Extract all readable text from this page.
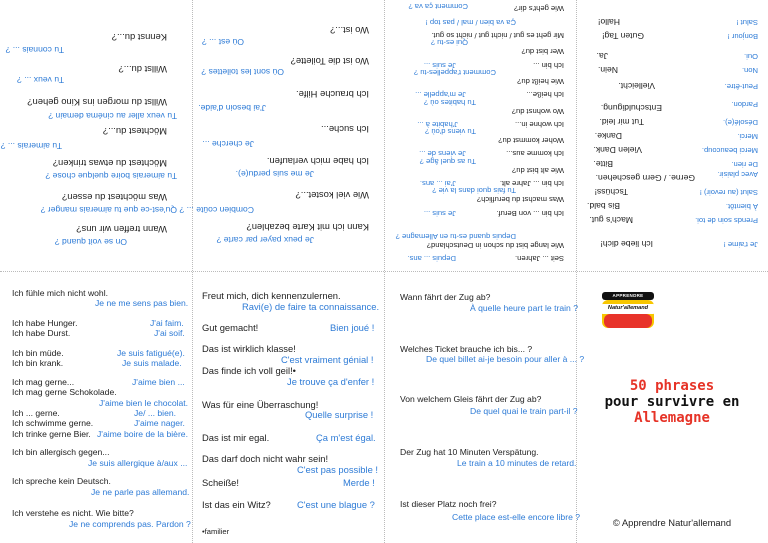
Wann treffen wir uns?
On se voit quand ?
Was möchtest du essen?
Qu'est-ce que tu aimerais manger ?
Möchtest du etwas trinken?
Tu aimerais boire quelque chose ?
Möchtest du...?
Tu aimerais ... ?
Willst du morgen ins Kino gehen?
Tu veux aller au cinéma demain ?
Willst du...?
Tu veux ... ?
Kennst du...?
Tu connais ... ?
Kann ich mit Karte bezahlen?
Je peux payer par carte ?
Wie viel kostet...?
Combien coûte ... ?
Ich habe mich verlaufen.
Je me suis perdu(e).
Ich suche...
Je cherche ...
Ich brauche Hilfe.
J'ai besoin d'aide.
Wo ist die Toilette?
Où sont les toilettes ?
Wo ist...?
Où est ... ?
Seit ... Jahren.
Depuis ... ans.
Wie lange bist du schon in Deutschland?
Depuis quand es-tu en Allemagne ?
Ich bin ... von Beruf.
Je suis ...
Was machst du beruflich?
Tu fais quoi dans la vie ?
Ich bin ... Jahre alt.
J'ai ... ans.
Wie alt bist du?
Tu as quel âge ?
Ich komme aus...
Je viens de ...
Woher kommst du?
Tu viens d'où ?
Ich wohne in...
J'habite à ...
Wo wohnst du?
Tu habites où ?
Ich heiße...
Je m'appelle ...
Wie heißt du?
Comment t'appelles-tu ?
Ich bin ...
Je suis ...
Wer bist du?
Qui es-tu ?
Mir geht es gut / nicht gut / nicht so gut.
Ça va bien / mal / pas top !
Wie geht's dir?
Comment ça va ?
Ich liebe dich!	Je t'aime !
Mach's gut.	Prends soin de toi.
Bis bald.	À bientôt.
Tschüss!	Salut (au revoir) !
Gerne. / Gern geschehen.	Avec plaisir.
Bitte.	De rien.
Vielen Dank.	Merci beaucoup.
Danke.	Merci.
Tut mir leid.	Désolé(e).
Entschuldigung.	Pardon.
Vielleicht.	Peut-être.
Nein.	Non.
Ja.	Oui.
Guten Tag!	Bonjour !
Hallo!	Salut !
Ich fühle mich nicht wohl.
Je ne me sens pas bien.
Ich habe Hunger.	J'ai faim.
Ich habe Durst.	J'ai soif.
Ich bin müde.	Je suis fatigué(e).
Ich bin krank.	Je suis malade.
Ich mag gerne...	J'aime bien ...
Ich mag gerne Schokolade.
J'aime bien le chocolat.
Ich ... gerne.	Je/ ... bien.
Ich schwimme gerne.	J'aime nager.
Ich trinke gerne Bier. J'aime boire de la bière.
Ich bin allergisch gegen...
Je suis allergique à/aux ...
Ich spreche kein Deutsch.
Je ne parle pas allemand.
Ich verstehe es nicht. Wie bitte?
Je ne comprends pas. Pardon ?
Freut mich, dich kennenzulernen.
Ravi(e) de faire ta connaissance.
Gut gemacht!	Bien joué !
Das ist wirklich klasse!
C'est vraiment génial !
Das finde ich voll geil!•
Je trouve ça d'enfer !
Was für eine Überraschung!
Quelle surprise !
Das ist mir egal.	Ça m'est égal.
Das darf doch nicht wahr sein!
C'est pas possible !
Scheiße!	Merde !
Ist das ein Witz?	C'est une blague ?
•familier
Wann fährt der Zug ab?
À quelle heure part le train ?
Welches Ticket brauche ich bis... ?
De quel billet ai-je besoin pour aller à ... ?
Von welchem Gleis fährt der Zug ab?
De quel quai le train part-il ?
Der Zug hat 10 Minuten Verspätung.
Le train a 10 minutes de retard.
Ist dieser Platz noch frei?
Cette place est-elle encore libre ?
APPRENDRE
Natur'allemand
50 phrases
pour survivre en
Allemagne
© Apprendre Natur'allemand
